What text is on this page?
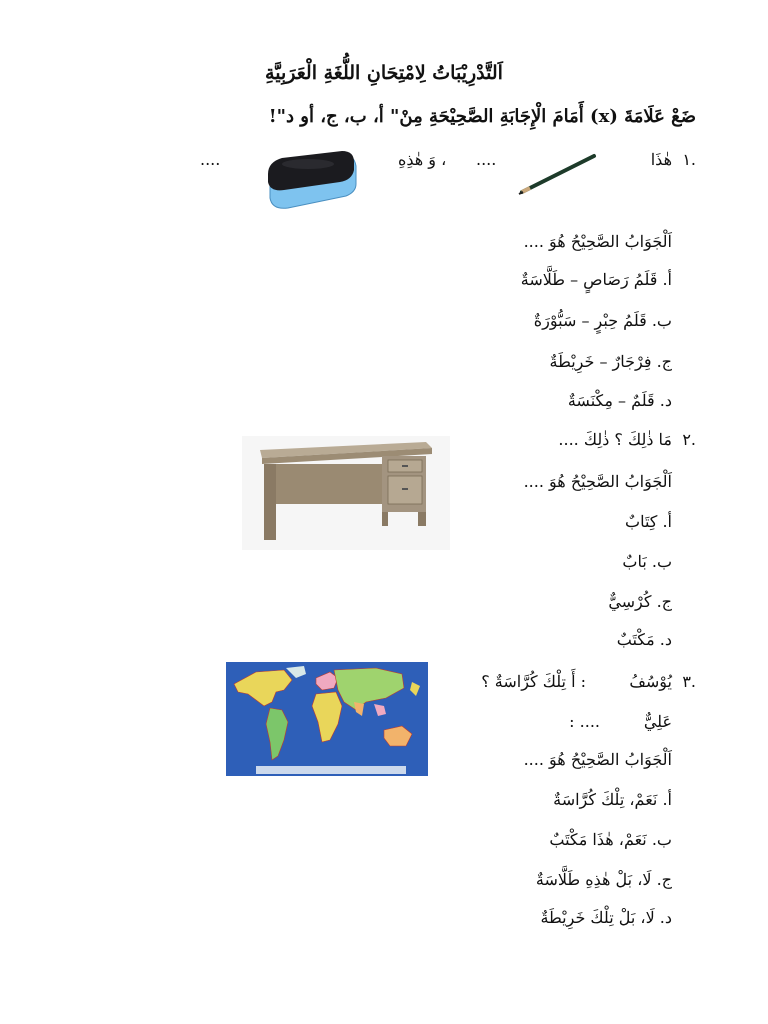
اَلتَّدْرِيْبَاتُ لِامْتِحَانِ اللُّغَةِ الْعَرَبِيَّةِ
ضَعْ عَلَامَةَ (x) أَمَامَ الْإِجَابَةِ الصَّحِيْحَةِ مِنْ" أ، ب، ج، أو د"!
١.
هٰذَا
....
، وَ هٰذِهِ
....
اَلْجَوَابُ الصَّحِيْحُ هُوَ ....
أ. قَلَمُ رَصَاصٍ – طَلَّاسَةٌ
ب. قَلَمُ حِبْرٍ – سَبُّوْرَةٌ
ج. فِرْجَارٌ – خَرِيْطَةٌ
د. قَلَمٌ – مِكْنَسَةٌ
٢.
مَا ذٰلِكَ ؟ ذٰلِكَ ....
اَلْجَوَابُ الصَّحِيْحُ هُوَ ....
أ. كِتَابٌ
ب. بَابٌ
ج. كُرْسِيٌّ
د. مَكْتَبٌ
٣.
يُوْسُفُ
: أَ تِلْكَ كُرَّاسَةٌ ؟
عَلِيٌّ
: ....
اَلْجَوَابُ الصَّحِيْحُ هُوَ ....
أ. نَعَمْ، تِلْكَ كُرَّاسَةٌ
ب. نَعَمْ، هٰذَا مَكْتَبٌ
ج. لَا، بَلْ هٰذِهِ طَلَّاسَةٌ
د. لَا، بَلْ تِلْكَ خَرِيْطَةٌ
